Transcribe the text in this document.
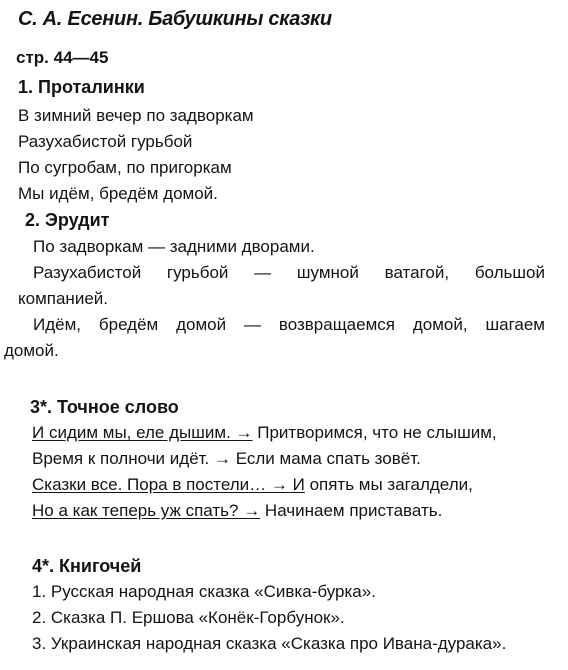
С. А. Есенин. Бабушкины сказки
стр. 44—45
1. Проталинки
В зимний вечер по задворкам
Разухабистой гурьбой
По сугробам, по пригоркам
Мы идём, бредём домой.
2. Эрудит
По задворкам — задними дворами.
Разухабистой гурьбой — шумной ватагой, большой
компанией.
Идём, бредём домой — возвращаемся домой, шагаем
домой.
3*. Точное слово
И сидим мы, еле дышим. → Притворимся, что не слышим,
Время к полночи идёт. → Если мама спать зовёт.
Сказки все. Пора в постели… → И опять мы загалдели,
Но а как теперь уж спать? → Начинаем приставать.
4*. Книгочей
1. Русская народная сказка «Сивка-бурка».
2. Сказка П. Ершова «Конёк-Горбунок».
3. Украинская народная сказка «Сказка про Ивана-дурака».
